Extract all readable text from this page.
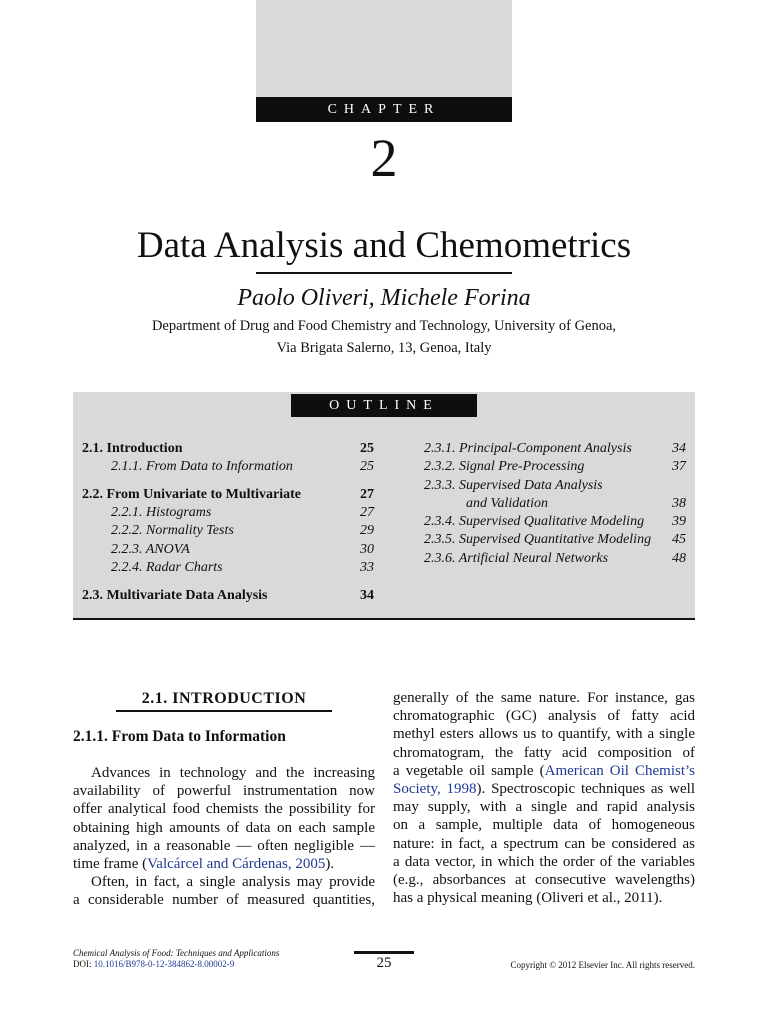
CHAPTER
2
Data Analysis and Chemometrics
Paolo Oliveri, Michele Forina
Department of Drug and Food Chemistry and Technology, University of Genoa,
Via Brigata Salerno, 13, Genoa, Italy
OUTLINE
2.1. Introduction	25
2.1.1. From Data to Information	25
2.2. From Univariate to Multivariate	27
2.2.1. Histograms	27
2.2.2. Normality Tests	29
2.2.3. ANOVA	30
2.2.4. Radar Charts	33
2.3. Multivariate Data Analysis	34
2.3.1. Principal-Component Analysis	34
2.3.2. Signal Pre-Processing	37
2.3.3. Supervised Data Analysis
and Validation	38
2.3.4. Supervised Qualitative Modeling 39
2.3.5. Supervised Quantitative Modeling 45
2.3.6. Artificial Neural Networks	48
2.1. INTRODUCTION
2.1.1. From Data to Information
Advances in technology and the increasing
availability of powerful instrumentation now
offer analytical food chemists the possibility for
obtaining high amounts of data on each sample
analyzed, in a reasonable — often negligible —
time frame (Valcárcel and Cárdenas, 2005).
Often, in fact, a single analysis may provide
a considerable number of measured quantities,
generally of the same nature. For instance, gas
chromatographic (GC) analysis of fatty acid
methyl esters allows us to quantify, with a single
chromatogram, the fatty acid composition of
a vegetable oil sample (American Oil Chemist’s
Society, 1998). Spectroscopic techniques as well
may supply, with a single and rapid analysis
on a sample, multiple data of homogeneous
nature: in fact, a spectrum can be considered as
a data vector, in which the order of the variables
(e.g., absorbances at consecutive wavelengths)
has a physical meaning (Oliveri et al., 2011).
Chemical Analysis of Food: Techniques and Applications
DOI: 10.1016/B978-0-12-384862-8.00002-9	25	Copyright © 2012 Elsevier Inc. All rights reserved.
